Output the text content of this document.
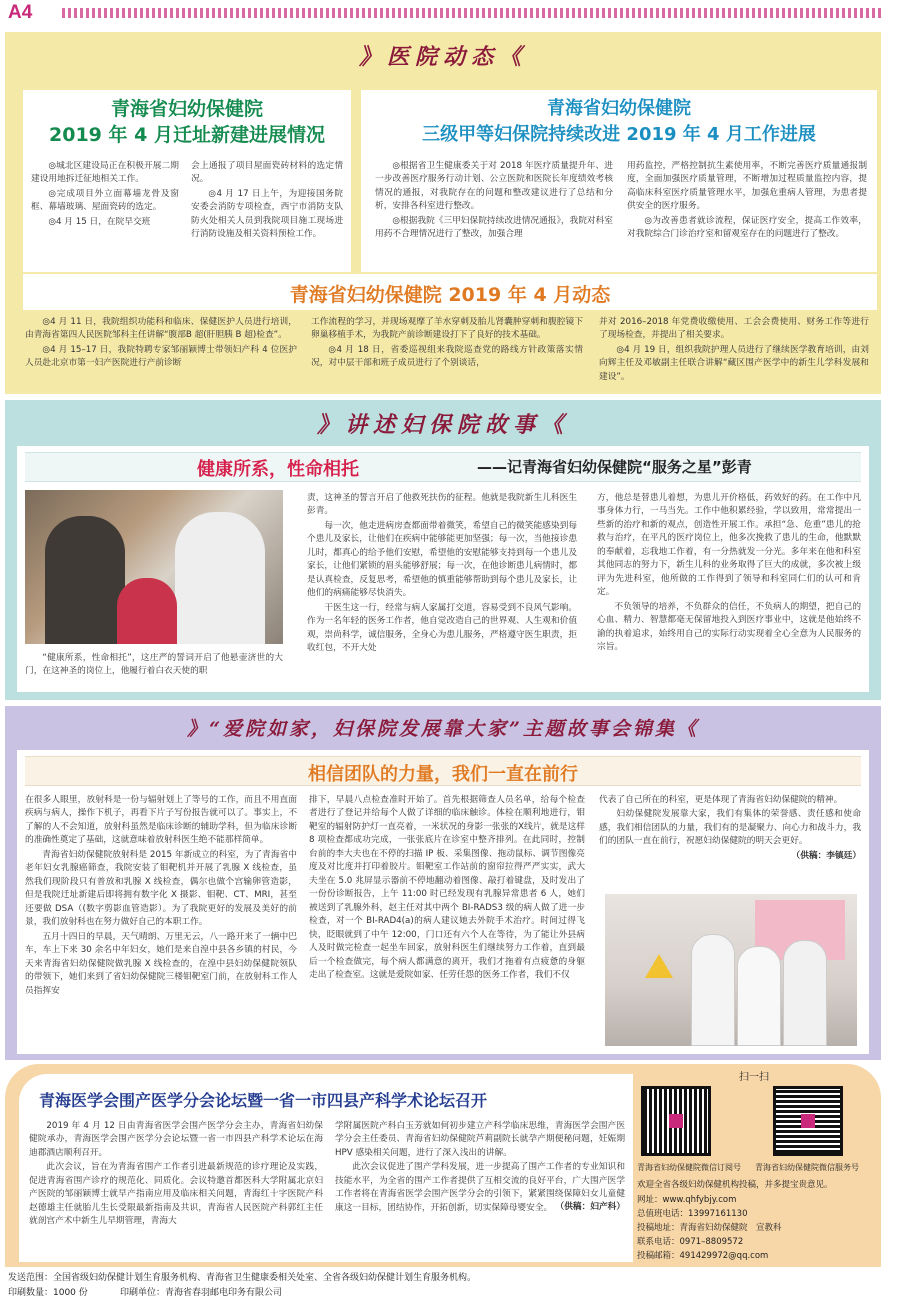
A4
》医院动态《
青海省妇幼保健院
2019 年 4 月迁址新建进展情况

◎城北区建设局正在积极开展二期建设用地拆迁征地相关工作。

◎完成项目外立面幕墙龙骨及窗框、幕墙玻璃、屋面瓷砖的选定。

◎4 月 15 日，在院早交班

会上通报了项目屋面瓷砖材料的选定情况。

◎4 月 17 日上午，为迎接国务院安委会消防专项检查，西宁市消防支队防火处相关人员到我院项目施工现场进行消防设施及相关资料预检工作。

青海省妇幼保健院
三级甲等妇保院持续改进 2019 年 4 月工作进展

◎根据省卫生健康委关于对 2018 年医疗质量提升年、进一步改善医疗服务行动计划、公立医院和医院长年度绩效考核情况的通报，对我院存在的问题和整改建议进行了总结和分析，安排各科室进行整改。

◎根据我院《三甲妇保院持续改进情况通报》，我院对科室用药不合理情况进行了整改，加强合理

用药监控，严格控制抗生素使用率，不断完善医疗质量通报制度，全面加强医疗质量管理，不断增加过程质量监控内容，提高临床科室医疗质量管理水平，加强危重病人管理，为患者提供安全的医疗服务。

◎为改善患者就诊流程，保证医疗安全，提高工作效率，对我院综合门诊治疗室和留观室存在的问题进行了整改。

青海省妇幼保健院 2019 年 4 月动态

◎4 月 11 日，我院组织功能科和临床、保健医护人员进行培训，由青海省第四人民医院邹科主任讲解“腹部B 超(肝胆胰 B 超)检查”。

◎4 月 15–17 日，我院特聘专家邹丽颖博士带领妇产科 4 位医护人员赴北京市第一妇产医院进行产前诊断

工作流程的学习，并现场观摩了羊水穿刺及胎儿肾囊肿穿刺和腹腔镜下卵巢移植手术，为我院产前诊断建设打下了良好的技术基础。

◎4 月 18 日，省委巡视组来我院巡查党的路线方针政策落实情况，对中层干部和班子成员进行了个别谈话，

并对 2016–2018 年党费收缴使用、工会会费使用、财务工作等进行了现场检查，并提出了相关要求。

◎4 月 19 日，组织我院护理人员进行了继续医学教育培训，由刘向辉主任及邓敏副主任联合讲解“藏区围产医学中的新生儿学科发展和建设”。

》讲述妇保院故事《
健康所系，性命相托	——记青海省妇幼保健院“服务之星”彭青

“健康所系，性命相托”，这庄严的誓词开启了他悬壶济世的大门，在这神圣的岗位上，他履行着白衣天使的职

责，这神圣的誓言开启了他救死扶伤的征程。他就是我院新生儿科医生彭青。

每一次，他走进病房查都面带着微笑，希望自己的微笑能感染到每个患儿及家长，让他们在疾病中能够能更加坚强；每一次，当他接诊患儿时，都真心的给予他们安慰，希望他的安慰能够支持到每一个患儿及家长，让他们紧锁的眉头能够舒展；每一次，在他诊断患儿病情时，都是认真检查，反复思考，希望他的慎重能够帮助到每个患儿及家长，让他们的病痛能够尽快消失。

干医生这一行，经常与病人家属打交道，容易受到不良风气影响。作为一名年轻的医务工作者，他自觉改造自己的世界观、人生观和价值观，崇尚科学，诚信服务，全身心为患儿服务，严格遵守医生职责，拒收红包，不开大处

方，他总是替患儿着想，为患儿开价格低，药效好的药。在工作中凡事身体力行，一马当先。工作中他积累经验，学以致用，常常提出一些新的治疗和新的观点，创造性开展工作。承担“急、危重”患儿的抢救与治疗，在平凡的医疗岗位上，他多次挽救了患儿的生命，他默默的奉献着，忘我地工作着，有一分热就发一分光。多年来在他和科室其他同志的努力下，新生儿科的业务取得了巨大的成就，多次被上级评为先进科室，他所做的工作得到了领导和科室同仁们的认可和肯定。

不负领导的培养，不负群众的信任，不负病人的期望，把自己的心血、精力、智慧都毫无保留地投入到医疗事业中，这就是他始终不渝的执着追求，始终用自己的实际行动实现着全心全意为人民服务的宗旨。

》“爱院如家，妇保院发展靠大家”主题故事会锦集《
相信团队的力量，我们一直在前行

在很多人眼里，放射科是一份与辐射划上了等号的工作，而且不用直面疾病与病人，操作下机子，再看下片子写份报告就可以了。事实上，不了解的人不会知道，放射科虽然是临床诊断的辅助学科，但为临床诊断的准确性奠定了基础，这就意味着放射科医生绝不能那样简单。

青海省妇幼保健院放射科是 2015 年新成立的科室，为了青海省中老年妇女乳腺癌筛查，我院安装了钼靶机并开展了乳腺 X 线检查，虽然我们现阶段只有普放和乳腺 X 线检查，偶尔也做个宫输卵管造影，但是我院迁址新建后即将拥有数字化 X 摄影、钼靶、CT、MRI，甚至还要做 DSA（(数字剪影血管造影）。为了我院更好的发展及美好的前景，我们放射科也在努力做好自己的本职工作。

五月十四日的早晨，天气晴朗、万里无云，八一路开来了一辆中巴车，车上下来 30 余名中年妇女，她们是来自湟中县各乡镇的村民，今天来青海省妇幼保健院做乳腺 X 线检查的，在湟中县妇幼保健院领队的带领下，她们来到了省妇幼保健院三楼钼靶室门前，在放射科工作人员指挥安

排下，早晨八点检查准时开始了。首先根据筛查人员名单，给每个检查者进行了登记并给每个人做了详细的临床触诊。体检在顺利地进行，钼靶室的辐射防护灯一直亮着，一米状况的身影一张张的X线片，就是这样 8 项检查都成功完成，一张张底片在诊室中整齐排列。在此同时，控制台前的李大夫也在不停的扫描 IP 板、采集图像、拖动鼠标、调节图像亮度及对比度并打印着胶片。钼靶室工作站前的窗帘拉得严严实实，武大夫坐在 5.0 兆屏显示器前不停地翻动着图像、敲打着键盘，及时发出了一份份诊断报告，上午 11:00 时已经发现有乳腺异常患者 6 人，她们被送到了乳腺外科，赵主任对其中两个 BI-RADS3 级的病人做了进一步检查，对一个 BI-RAD4(a)的病人建议她去外院手术治疗。时间过得飞快，眨眼就到了中午 12:00，门口还有六个人在等待，为了能让外县病人及时做完检查一起坐车回家，放射科医生们继续努力工作着，直到最后一个检查做完，每个病人都满意的离开，我们才拖着有点疲惫的身躯走出了检查室。这就是爱院如家、任劳任怨的医务工作者，我们不仅

代表了自己所在的科室，更是体现了青海省妇幼保健院的精神。

妇幼保健院发展靠大家，我们有集体的荣誉感、责任感和使命感，我们相信团队的力量，我们有的是凝聚力、向心力和战斗力，我们的团队一直在前行，祝愿妇幼保健院的明天会更好。

（供稿：李镇廷）
青海医学会围产医学分会论坛暨一省一市四县产科学术论坛召开

2019 年 4 月 12 日由青海省医学会围产医学分会主办，青海省妇幼保健院承办，青海医学会围产医学分会论坛暨一省一市四县产科学术论坛在海迪郡酒店顺利召开。

此次会议，旨在为青海省围产工作者引进最新规范的诊疗理论及实践，促进青海省围产诊疗的规范化、同质化。会议特邀首都医科大学附属北京妇产医院的邹丽颖博士就早产指南应用及临床相关问题，青海红十字医院产科赵德雄主任就胎儿生长受限最新指南及共识，青海省人民医院产科郭红主任就剖宫产术中新生儿早期管理，青海大

学附属医院产科白玉芳就如何初步建立产科学临床思维，青海医学会围产医学分会主任委员、青海省妇幼保健院芦莉副院长就孕产期便秘问题，妊娠期 HPV 感染相关问题，进行了深入浅出的讲解。

此次会议促进了围产学科发展，进一步提高了围产工作者的专业知识和技能水平，为全省的围产工作者提供了互相交流的良好平台，广大围产医学工作者将在青海省医学会围产医学分会的引领下，紧紧围绕保障妇女儿童健康这一目标，团结协作，开拓创新，切实保障母婴安全。 （供稿：妇产科）
扫一扫
青海省妇幼保健院微信订阅号 青海省妇幼保健院微信服务号
欢迎全省各级妇幼保健机构投稿，并多提宝贵意见。
网址：www.qhfybjy.com
总值班电话：13997161130
投稿地址：青海省妇幼保健院　宣教科
联系电话：0971–8809572
投稿邮箱：491429972@qq.com
发送范围：全国省级妇幼保健计划生育服务机构、青海省卫生健康委相关处室、全省各级妇幼保健计划生育服务机构。
印刷数量：1000 份	印刷单位：青海省春羽邮电印务有限公司
